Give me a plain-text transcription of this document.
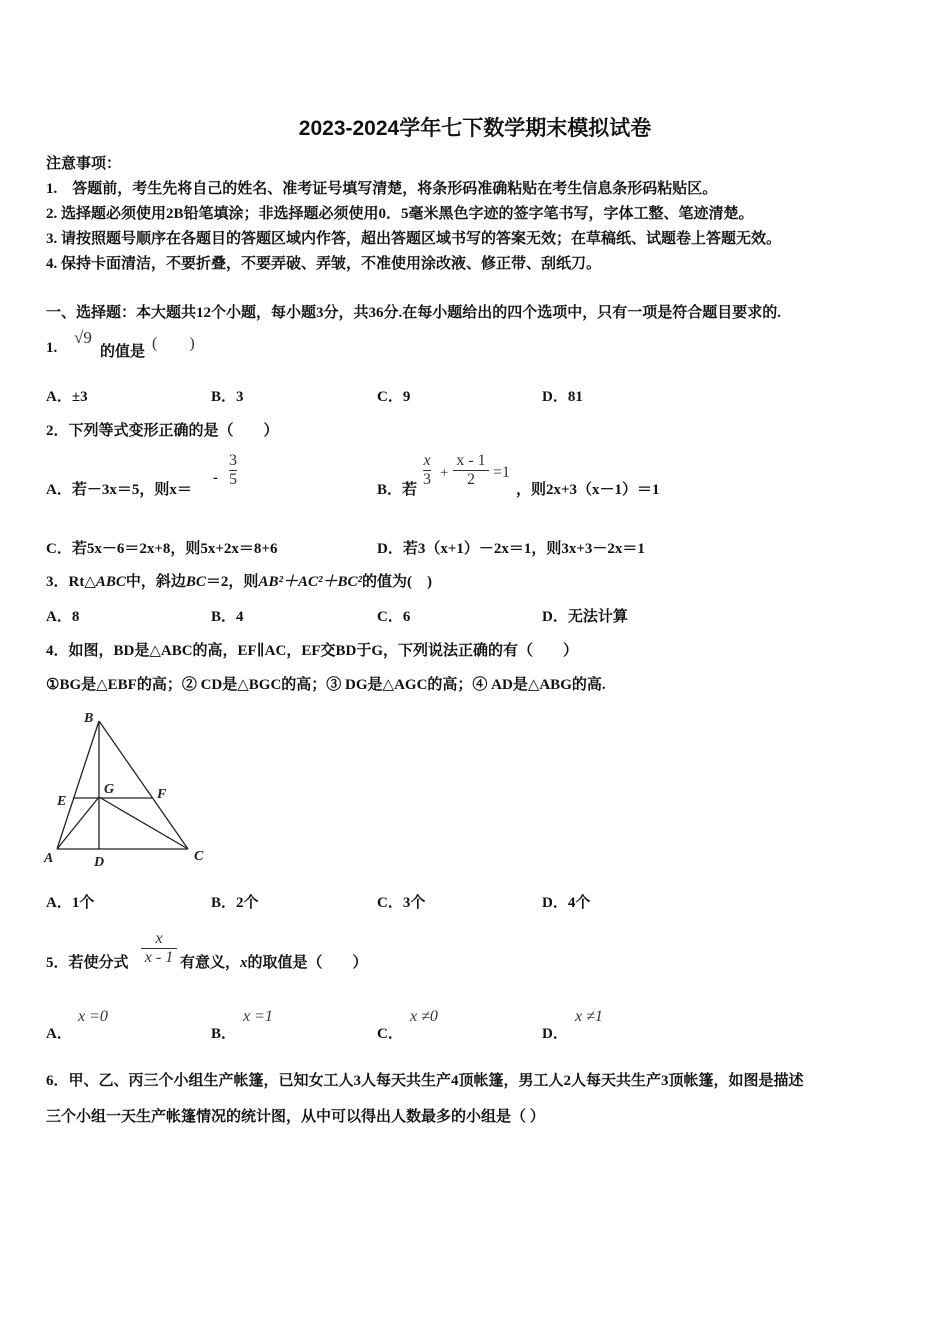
2023-2024学年七下数学期末模拟试卷
注意事项：
1.　答题前，考生先将自己的姓名、准考证号填写清楚，将条形码准确粘贴在考生信息条形码粘贴区。
2. 选择题必须使用2B铅笔填涂；非选择题必须使用0．5毫米黑色字迹的签字笔书写，字体工整、笔迹清楚。
3. 请按照题号顺序在各题目的答题区域内作答，超出答题区域书写的答案无效；在草稿纸、试题卷上答题无效。
4. 保持卡面清洁，不要折叠，不要弄破、弄皱，不准使用涂改液、修正带、刮纸刀。
一、选择题：本大题共12个小题，每小题3分，共36分.在每小题给出的四个选项中，只有一项是符合题目要求的.
1.
√9
的值是 (　　)
A．±3	B．3	C．9	D．81
2．下列等式变形正确的是（　　）
A．若－3x＝5，则x＝
-
3
5
B．若
x
3 +
x - 1
2 =1
，则2x+3（x－1）＝1
C．若5x－6＝2x+8，则5x+2x＝8+6	D．若3（x+1）－2x＝1，则3x+3－2x＝1
3．Rt△ABC中，斜边BC＝2，则AB²＋AC²＋BC²的值为(　)
A．8	B．4	C．6	D．无法计算
4．如图，BD是△ABC的高，EF∥AC，EF交BD于G，下列说法正确的有（　　）
①BG是△EBF的高；② CD是△BGC的高；③ DG是△AGC的高；④ AD是△ABG的高.
B
E
G	F
A	D	C
A．1个	B．2个	C．3个	D．4个
5．若使分式
x
x - 1 有意义，x的取值是（　　）
A．
x =0
B．
x =1
C．
x ≠0
D．
x ≠1
6．甲、乙、丙三个小组生产帐篷，已知女工人3人每天共生产4顶帐篷，男工人2人每天共生产3顶帐篷，如图是描述
三个小组一天生产帐篷情况的统计图，从中可以得出人数最多的小组是（ ）
